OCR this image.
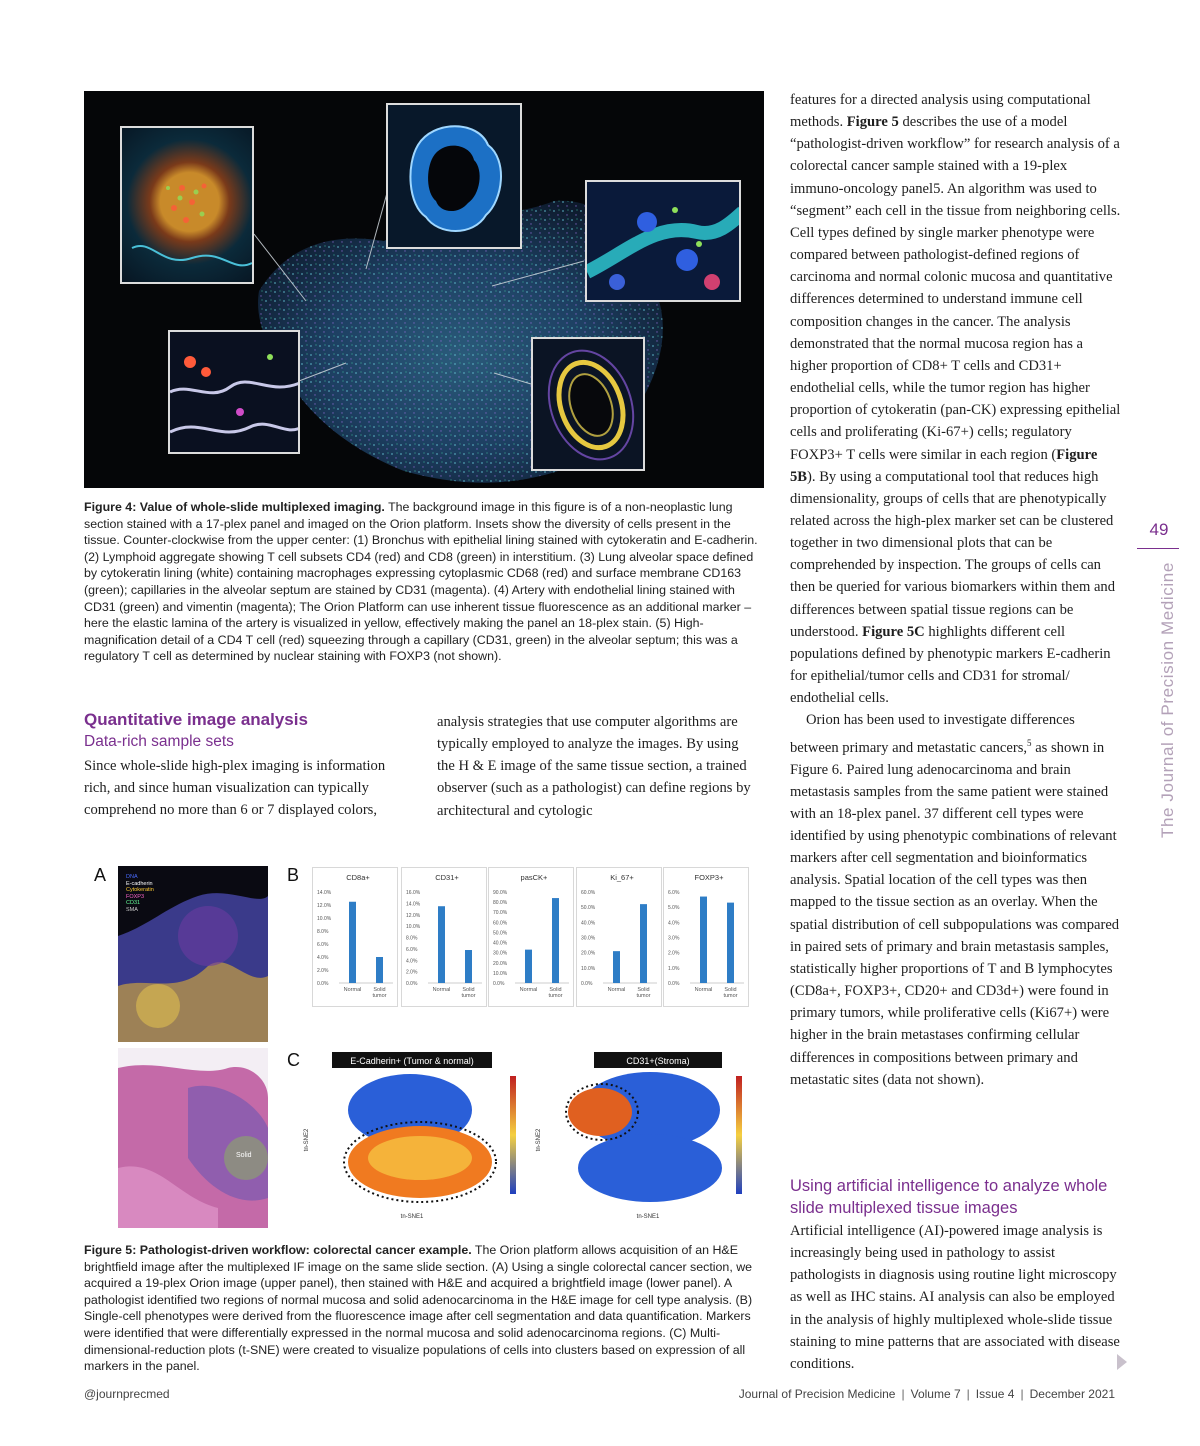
Figure 4: Value of whole-slide multiplexed imaging. The background image in this figure is of a non-neoplastic lung section stained with a 17-plex panel and imaged on the Orion platform. Insets show the diversity of cells present in the tissue. Counter-clockwise from the upper center: (1) Bronchus with epithelial lining stained with cytokeratin and E-cadherin. (2) Lymphoid aggregate showing T cell subsets CD4 (red) and CD8 (green) in interstitium. (3) Lung alveolar space defined by cytokeratin lining (white) containing macrophages expressing cytoplasmic CD68 (red) and surface membrane CD163 (green); capillaries in the alveolar septum are stained by CD31 (magenta). (4) Artery with endothelial lining stained with CD31 (green) and vimentin (magenta); The Orion Platform can use inherent tissue fluorescence as an additional marker – here the elastic lamina of the artery is visualized in yellow, effectively making the panel an 18-plex stain. (5) High-magnification detail of a CD4 T cell (red) squeezing through a capillary (CD31, green) in the alveolar septum; this was a regulatory T cell as determined by nuclear staining with FOXP3 (not shown).
Quantitative image analysis
Data-rich sample sets
Since whole-slide high-plex imaging is information rich, and since human visualization can typically comprehend no more than 6 or 7 displayed colors,
analysis strategies that use computer algorithms are typically employed to analyze the images. By using the H & E image of the same tissue section, a trained observer (such as a pathologist) can define regions by architectural and cytologic
A	B
C
DNA
E-cadherin
Cytokeratin
FOXP3
CD31
SMA
Solid
CD8a+
14.0%
12.0%
10.0%
8.0%
6.0%
4.0%
2.0%
0.0%
Normal Solid
tumor
CD31+
16.0%
14.0%
12.0%
10.0%
8.0%
6.0%
4.0%
2.0%
0.0%
Normal Solid
tumor
pasCK+
90.0%
80.0%
70.0%
60.0%
50.0%
40.0%
30.0%
20.0%
10.0%
0.0%
Normal Solid
tumor
Ki_67+
60.0%
50.0%
40.0%
30.0%
20.0%
10.0%
0.0%
Normal Solid
tumor
FOXP3+
6.0%
5.0%
4.0%
3.0%
2.0%
1.0%
0.0%
Normal Solid
tumor
E-Cadherin+ (Tumor & normal)
tn-SNE1
tn-SNE2
CD31+(Stroma)
tn-SNE1
tn-SNE2
Figure 5: Pathologist-driven workflow: colorectal cancer example. The Orion platform allows acquisition of an H&E brightfield image after the multiplexed IF image on the same slide section. (A) Using a single colorectal cancer section, we acquired a 19-plex Orion image (upper panel), then stained with H&E and acquired a brightfield image (lower panel). A pathologist identified two regions of normal mucosa and solid adenocarcinoma in the H&E image for cell type analysis. (B) Single-cell phenotypes were derived from the fluorescence image after cell segmentation and data quantification. Markers were identified that were differentially expressed in the normal mucosa and solid adenocarcinoma regions. (C) Multi-dimensional-reduction plots (t-SNE) were created to visualize populations of cells into clusters based on expression of all markers in the panel.

features for a directed analysis using computational methods. Figure 5 describes the use of a model “pathologist-driven workflow” for research analysis of a colorectal cancer sample stained with a 19-plex immuno-oncology panel5. An algorithm was used to “segment” each cell in the tissue from neighboring cells. Cell types defined by single marker phenotype were compared between pathologist-defined regions of carcinoma and normal colonic mucosa and quantitative differences determined to understand immune cell composition changes in the cancer. The analysis demonstrated that the normal mucosa region has a higher proportion of CD8+ T cells and CD31+ endothelial cells, while the tumor region has higher proportion of cytokeratin (pan-CK) expressing epithelial cells and proliferating (Ki-67+) cells; regulatory FOXP3+ T cells were similar in each region (Figure 5B). By using a computational tool that reduces high dimensionality, groups of cells that are phenotypically related across the high-plex marker set can be clustered together in two dimensional plots that can be comprehended by inspection. The groups of cells can then be queried for various biomarkers within them and differences between spatial tissue regions can be understood. Figure 5C highlights different cell populations defined by phenotypic markers E-cadherin for epithelial/tumor cells and CD31 for stromal/ endothelial cells.

Orion has been used to investigate differences between primary and metastatic cancers,$^5$ as shown in Figure 6. Paired lung adenocarcinoma and brain metastasis samples from the same patient were stained with an 18-plex panel. 37 different cell types were identified by using phenotypic combinations of relevant markers after cell segmentation and bioinformatics analysis. Spatial location of the cell types was then mapped to the tissue section as an overlay. When the spatial distribution of cell subpopulations was compared in paired sets of primary and brain metastasis samples, statistically higher proportions of T and B lymphocytes (CD8a+, FOXP3+, CD20+ and CD3d+) were found in primary tumors, while proliferative cells (Ki67+) were higher in the brain metastases confirming cellular differences in compositions between primary and metastatic sites (data not shown).

Using artificial intelligence to analyze whole slide multiplexed tissue images
Artificial intelligence (AI)-powered image analysis is increasingly being used in pathology to assist pathologists in diagnosis using routine light microscopy as well as IHC stains. AI analysis can also be employed in the analysis of highly multiplexed whole-slide tissue staining to mine patterns that are associated with disease conditions.
49
The Journal of Precision Medicine
@journprecmed	Journal of Precision Medicine | Volume 7 | Issue 4 | December 2021
